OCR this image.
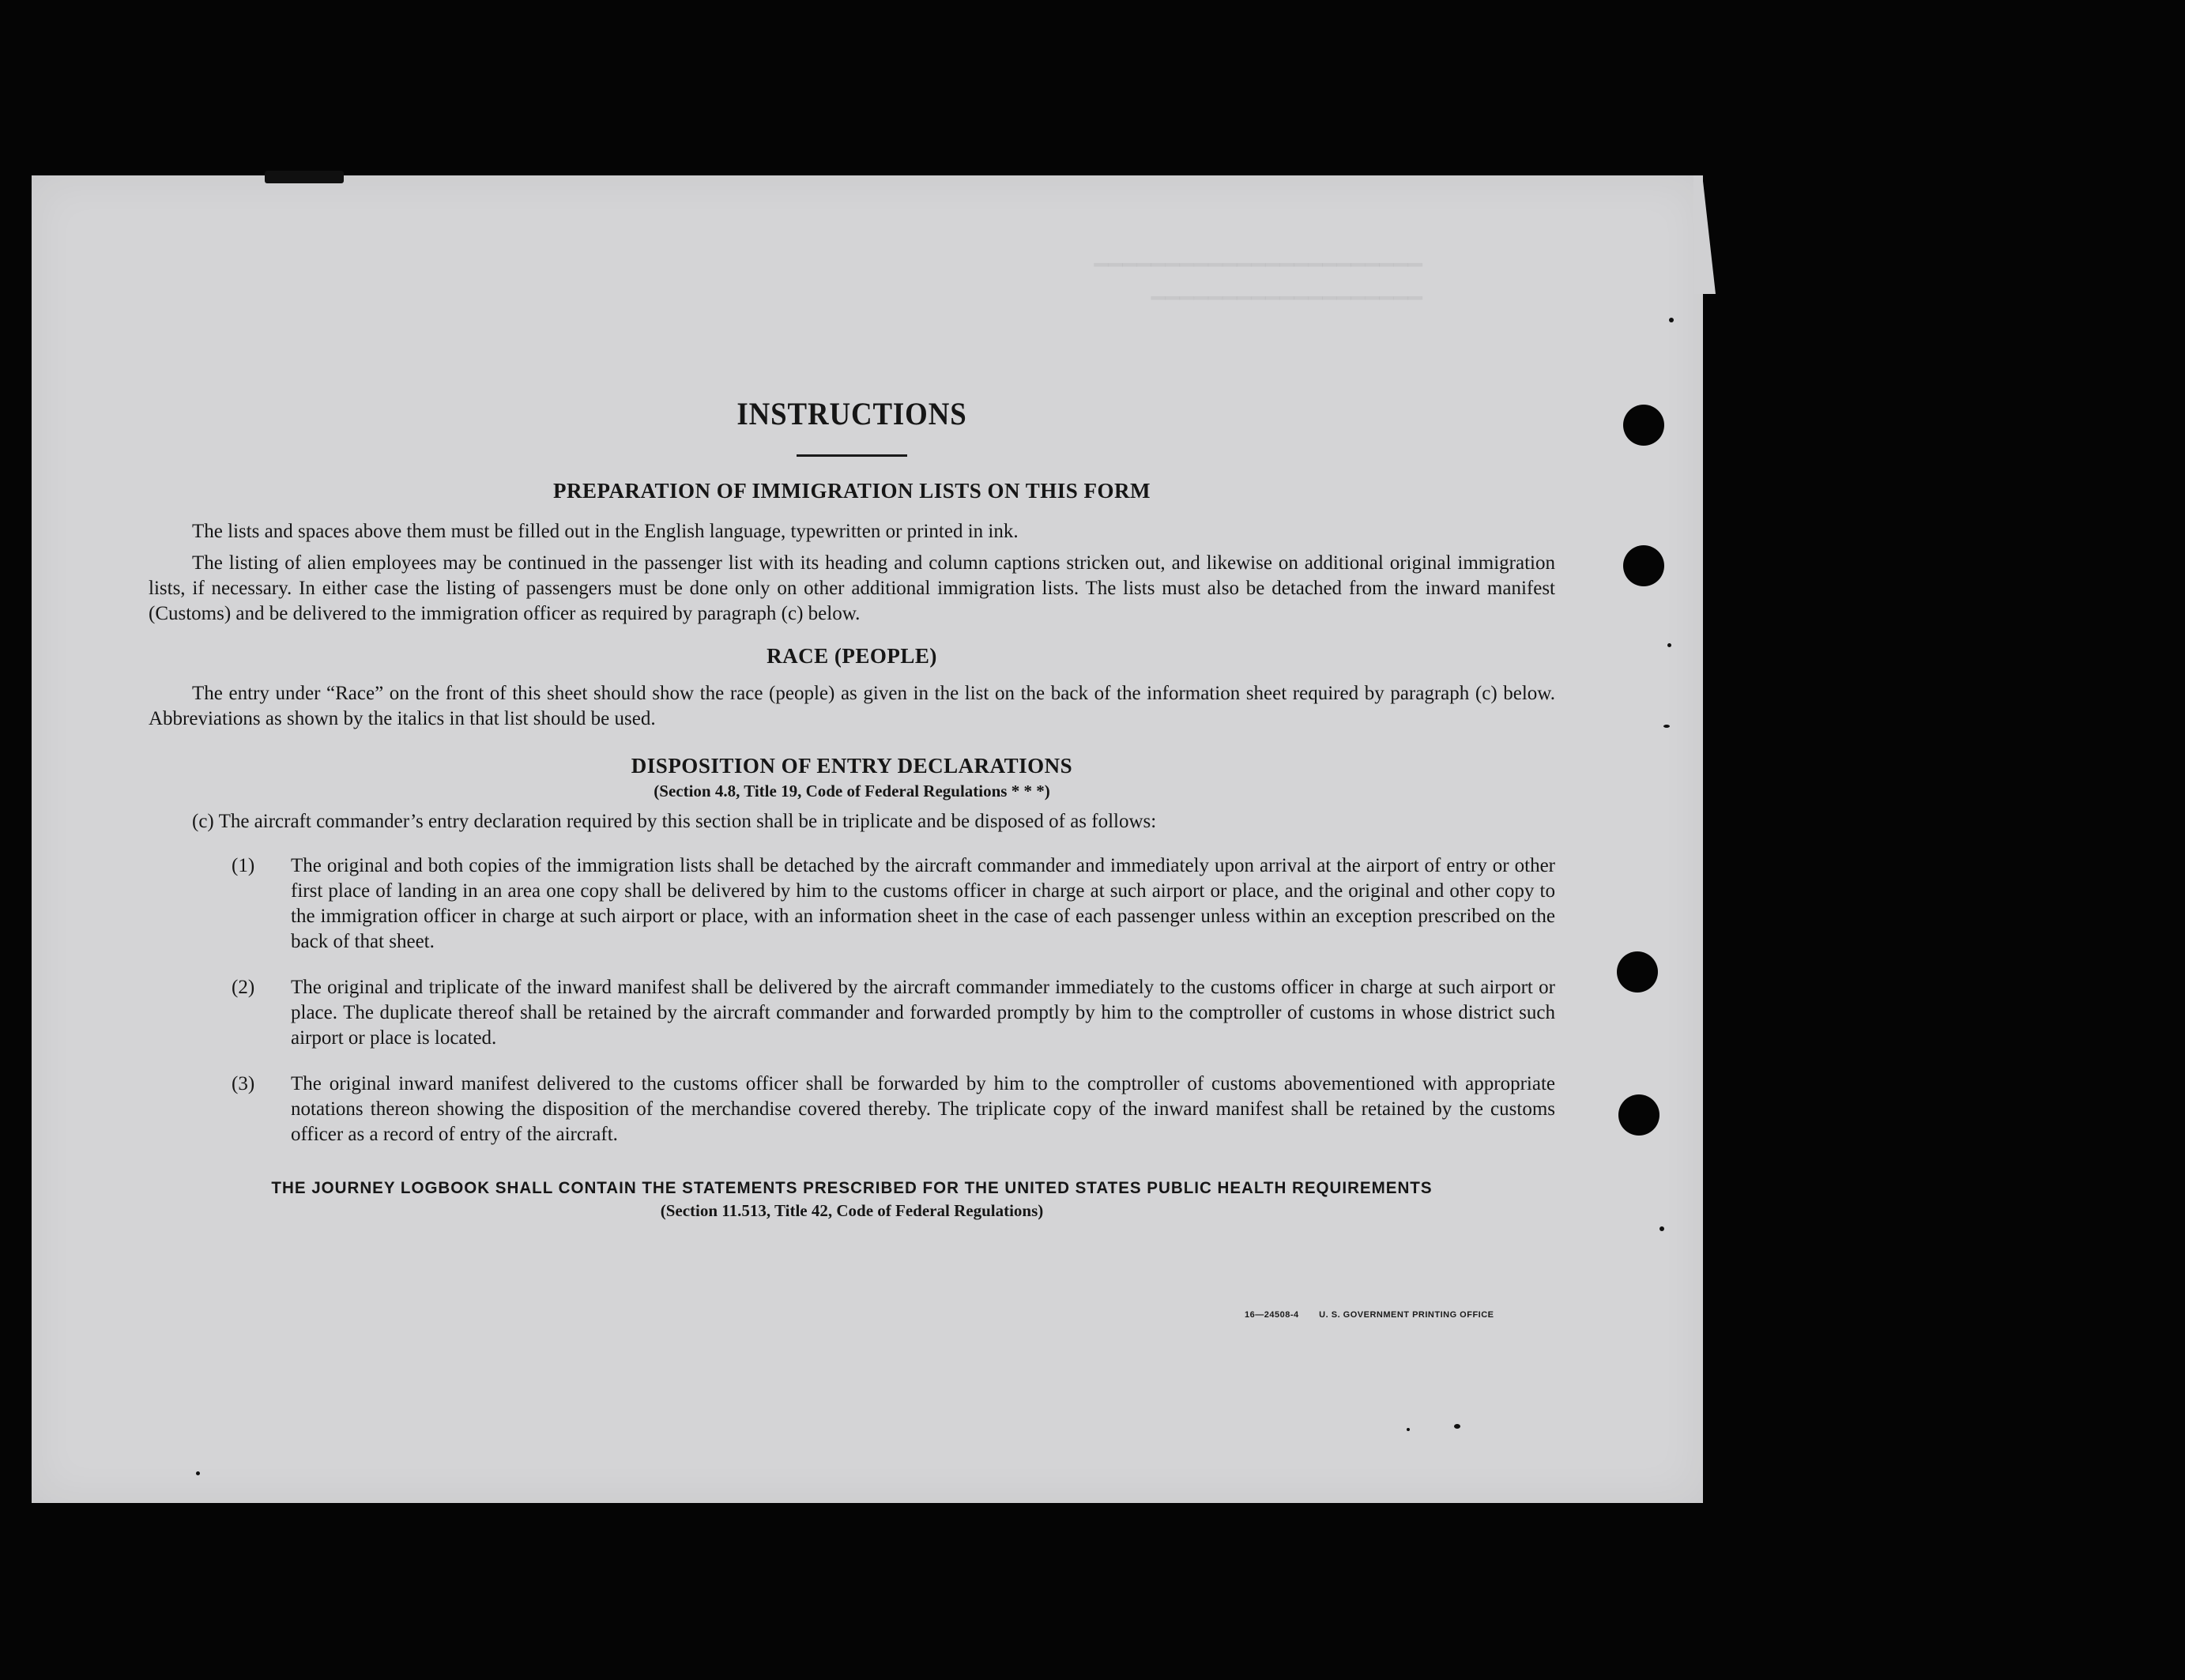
▁▁▁▁▁▁▁▁▁▁▁▁▁▁▁▁▁▁▁▁▁▁▁
▁▁▁▁▁▁▁▁▁▁▁▁▁▁▁▁▁▁▁
INSTRUCTIONS
PREPARATION OF IMMIGRATION LISTS ON THIS FORM

The lists and spaces above them must be filled out in the English language, typewritten or printed in ink.

The listing of alien employees may be continued in the passenger list with its heading and column captions stricken out, and likewise on additional original immigration lists, if necessary. In either case the listing of passengers must be done only on other additional immigration lists. The lists must also be detached from the inward manifest (Customs) and be delivered to the immigration officer as required by paragraph (c) below.

RACE (PEOPLE)

The entry under “Race” on the front of this sheet should show the race (people) as given in the list on the back of the information sheet required by paragraph (c) below. Abbreviations as shown by the italics in that list should be used.

DISPOSITION OF ENTRY DECLARATIONS
(Section 4.8, Title 19, Code of Federal Regulations * * *)
(c) The aircraft commander’s entry declaration required by this section shall be in triplicate and be disposed of as follows:
(1) The original and both copies of the immigration lists shall be detached by the aircraft commander and immediately upon arrival at the airport of entry or other first place of landing in an area one copy shall be delivered by him to the customs officer in charge at such airport or place, and the original and other copy to the immigration officer in charge at such airport or place, with an information sheet in the case of each passenger unless within an exception prescribed on the back of that sheet.
(2) The original and triplicate of the inward manifest shall be delivered by the aircraft commander immediately to the customs officer in charge at such airport or place. The duplicate thereof shall be retained by the aircraft commander and forwarded promptly by him to the comptroller of customs in whose district such airport or place is located.
(3) The original inward manifest delivered to the customs officer shall be forwarded by him to the comptroller of customs abovementioned with appropriate notations thereon showing the disposition of the merchandise covered thereby. The triplicate copy of the inward manifest shall be retained by the customs officer as a record of entry of the aircraft.
THE JOURNEY LOGBOOK SHALL CONTAIN THE STATEMENTS PRESCRIBED FOR THE UNITED STATES PUBLIC HEALTH REQUIREMENTS
(Section 11.513, Title 42, Code of Federal Regulations)
16—24508-4 U. S. GOVERNMENT PRINTING OFFICE
